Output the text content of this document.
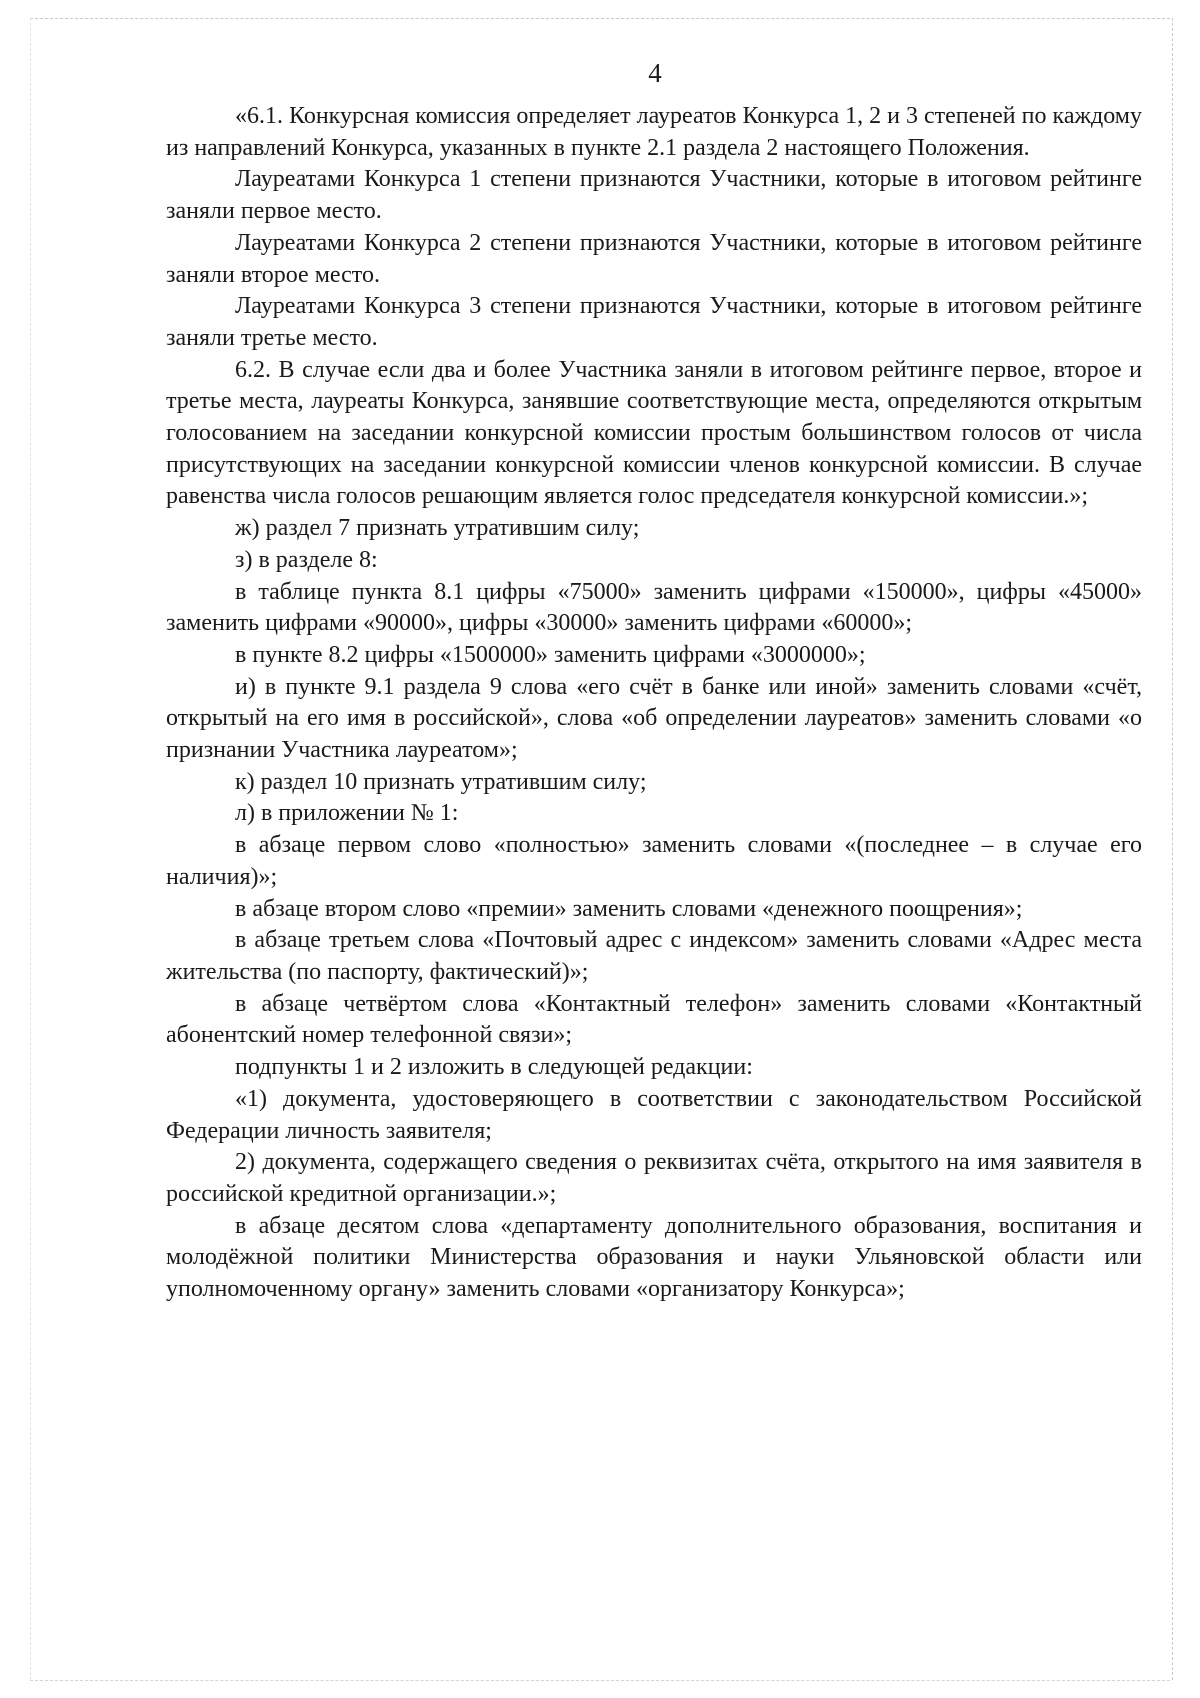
4

«6.1. Конкурсная комиссия определяет лауреатов Конкурса 1, 2 и 3 степеней по каждому из направлений Конкурса, указанных в пункте 2.1 раздела 2 настоящего Положения.

Лауреатами Конкурса 1 степени признаются Участники, которые в итоговом рейтинге заняли первое место.

Лауреатами Конкурса 2 степени признаются Участники, которые в итоговом рейтинге заняли второе место.

Лауреатами Конкурса 3 степени признаются Участники, которые в итоговом рейтинге заняли третье место.

6.2. В случае если два и более Участника заняли в итоговом рейтинге первое, второе и третье места, лауреаты Конкурса, занявшие соответствующие места, определяются открытым голосованием на заседании конкурсной комиссии простым большинством голосов от числа присутствующих на заседании конкурсной комиссии членов конкурсной комиссии. В случае равенства числа голосов решающим является голос председателя конкурсной комиссии.»;

ж) раздел 7 признать утратившим силу;

з) в разделе 8:

в таблице пункта 8.1 цифры «75000» заменить цифрами «150000», цифры «45000» заменить цифрами «90000», цифры «30000» заменить цифрами «60000»;

в пункте 8.2 цифры «1500000» заменить цифрами «3000000»;

и) в пункте 9.1 раздела 9 слова «его счёт в банке или иной» заменить словами «счёт, открытый на его имя в российской», слова «об определении лауреатов» заменить словами «о признании Участника лауреатом»;

к) раздел 10 признать утратившим силу;

л) в приложении № 1:

в абзаце первом слово «полностью» заменить словами «(последнее – в случае его наличия)»;

в абзаце втором слово «премии» заменить словами «денежного поощрения»;

в абзаце третьем слова «Почтовый адрес с индексом» заменить словами «Адрес места жительства (по паспорту, фактический)»;

в абзаце четвёртом слова «Контактный телефон» заменить словами «Контактный абонентский номер телефонной связи»;

подпункты 1 и 2 изложить в следующей редакции:

«1) документа, удостоверяющего в соответствии с законодательством Российской Федерации личность заявителя;

2) документа, содержащего сведения о реквизитах счёта, открытого на имя заявителя в российской кредитной организации.»;

в абзаце десятом слова «департаменту дополнительного образования, воспитания и молодёжной политики Министерства образования и науки Ульяновской области или уполномоченному органу» заменить словами «организатору Конкурса»;
